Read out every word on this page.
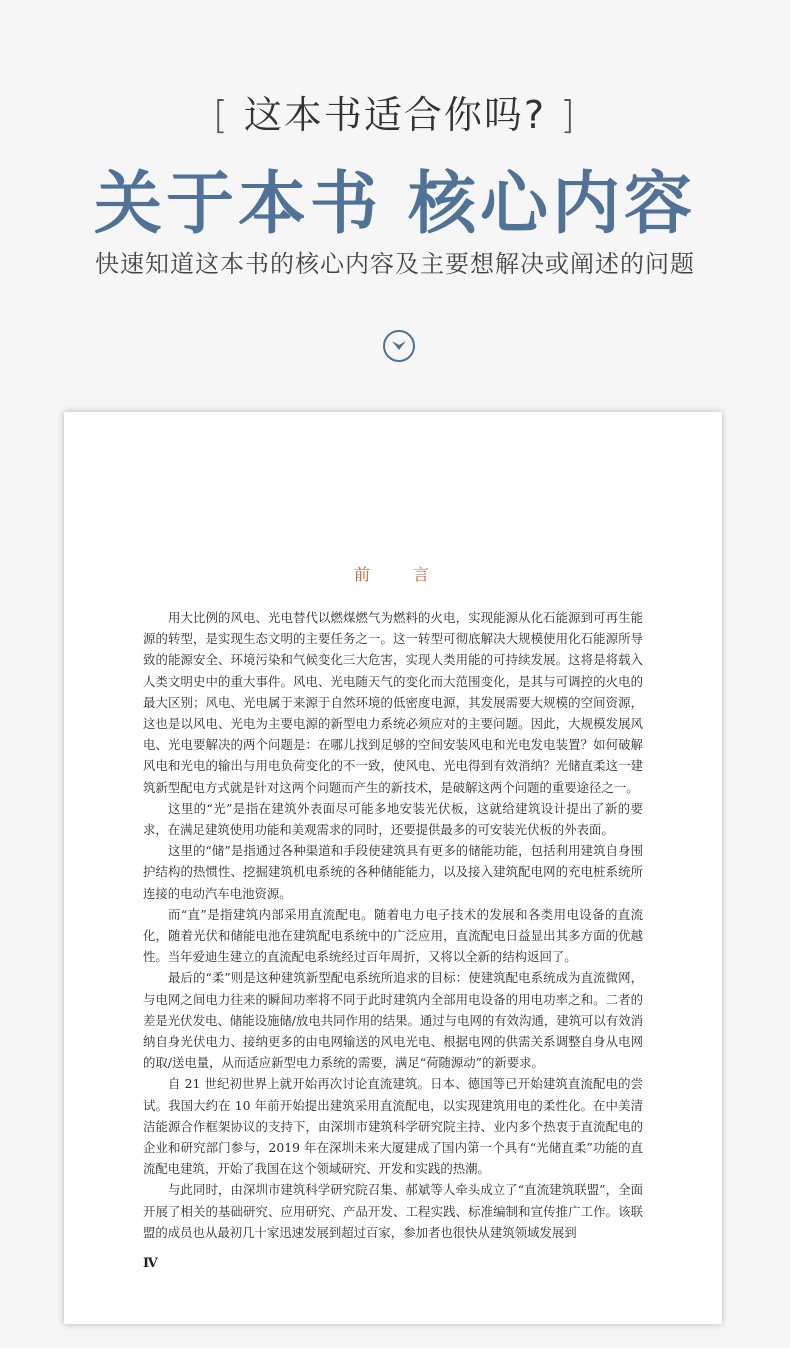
[ 这本书适合你吗? ]
关于本书 核心内容
快速知道这本书的核心内容及主要想解决或阐述的问题
前	言

用大比例的风电、光电替代以燃煤燃气为燃料的火电，实现能源从化石能源到可再生能源的转型，是实现生态文明的主要任务之一。这一转型可彻底解决大规模使用化石能源所导致的能源安全、环境污染和气候变化三大危害，实现人类用能的可持续发展。这将是将载入人类文明史中的重大事件。风电、光电随天气的变化而大范围变化，是其与可调控的火电的最大区别；风电、光电属于来源于自然环境的低密度电源，其发展需要大规模的空间资源，这也是以风电、光电为主要电源的新型电力系统必须应对的主要问题。因此，大规模发展风电、光电要解决的两个问题是：在哪儿找到足够的空间安装风电和光电发电装置？如何破解风电和光电的输出与用电负荷变化的不一致，使风电、光电得到有效消纳？光储直柔这一建筑新型配电方式就是针对这两个问题而产生的新技术，是破解这两个问题的重要途径之一。

这里的“光”是指在建筑外表面尽可能多地安装光伏板，这就给建筑设计提出了新的要求，在满足建筑使用功能和美观需求的同时，还要提供最多的可安装光伏板的外表面。

这里的“储”是指通过各种渠道和手段使建筑具有更多的储能功能，包括利用建筑自身围护结构的热惯性、挖掘建筑机电系统的各种储能能力，以及接入建筑配电网的充电桩系统所连接的电动汽车电池资源。

而“直”是指建筑内部采用直流配电。随着电力电子技术的发展和各类用电设备的直流化，随着光伏和储能电池在建筑配电系统中的广泛应用，直流配电日益显出其多方面的优越性。当年爱迪生建立的直流配电系统经过百年周折，又将以全新的结构返回了。

最后的“柔”则是这种建筑新型配电系统所追求的目标：使建筑配电系统成为直流微网，与电网之间电力往来的瞬间功率将不同于此时建筑内全部用电设备的用电功率之和。二者的差是光伏发电、储能设施储/放电共同作用的结果。通过与电网的有效沟通，建筑可以有效消纳自身光伏电力、接纳更多的由电网输送的风电光电、根据电网的供需关系调整自身从电网的取/送电量，从而适应新型电力系统的需要，满足“荷随源动”的新要求。

自 21 世纪初世界上就开始再次讨论直流建筑。日本、德国等已开始建筑直流配电的尝试。我国大约在 10 年前开始提出建筑采用直流配电，以实现建筑用电的柔性化。在中美清洁能源合作框架协议的支持下，由深圳市建筑科学研究院主持、业内多个热衷于直流配电的企业和研究部门参与，2019 年在深圳未来大厦建成了国内第一个具有“光储直柔”功能的直流配电建筑，开始了我国在这个领域研究、开发和实践的热潮。

与此同时，由深圳市建筑科学研究院召集、郝斌等人牵头成立了“直流建筑联盟”，全面开展了相关的基础研究、应用研究、产品开发、工程实践、标准编制和宣传推广工作。该联盟的成员也从最初几十家迅速发展到超过百家，参加者也很快从建筑领域发展到

Ⅳ
